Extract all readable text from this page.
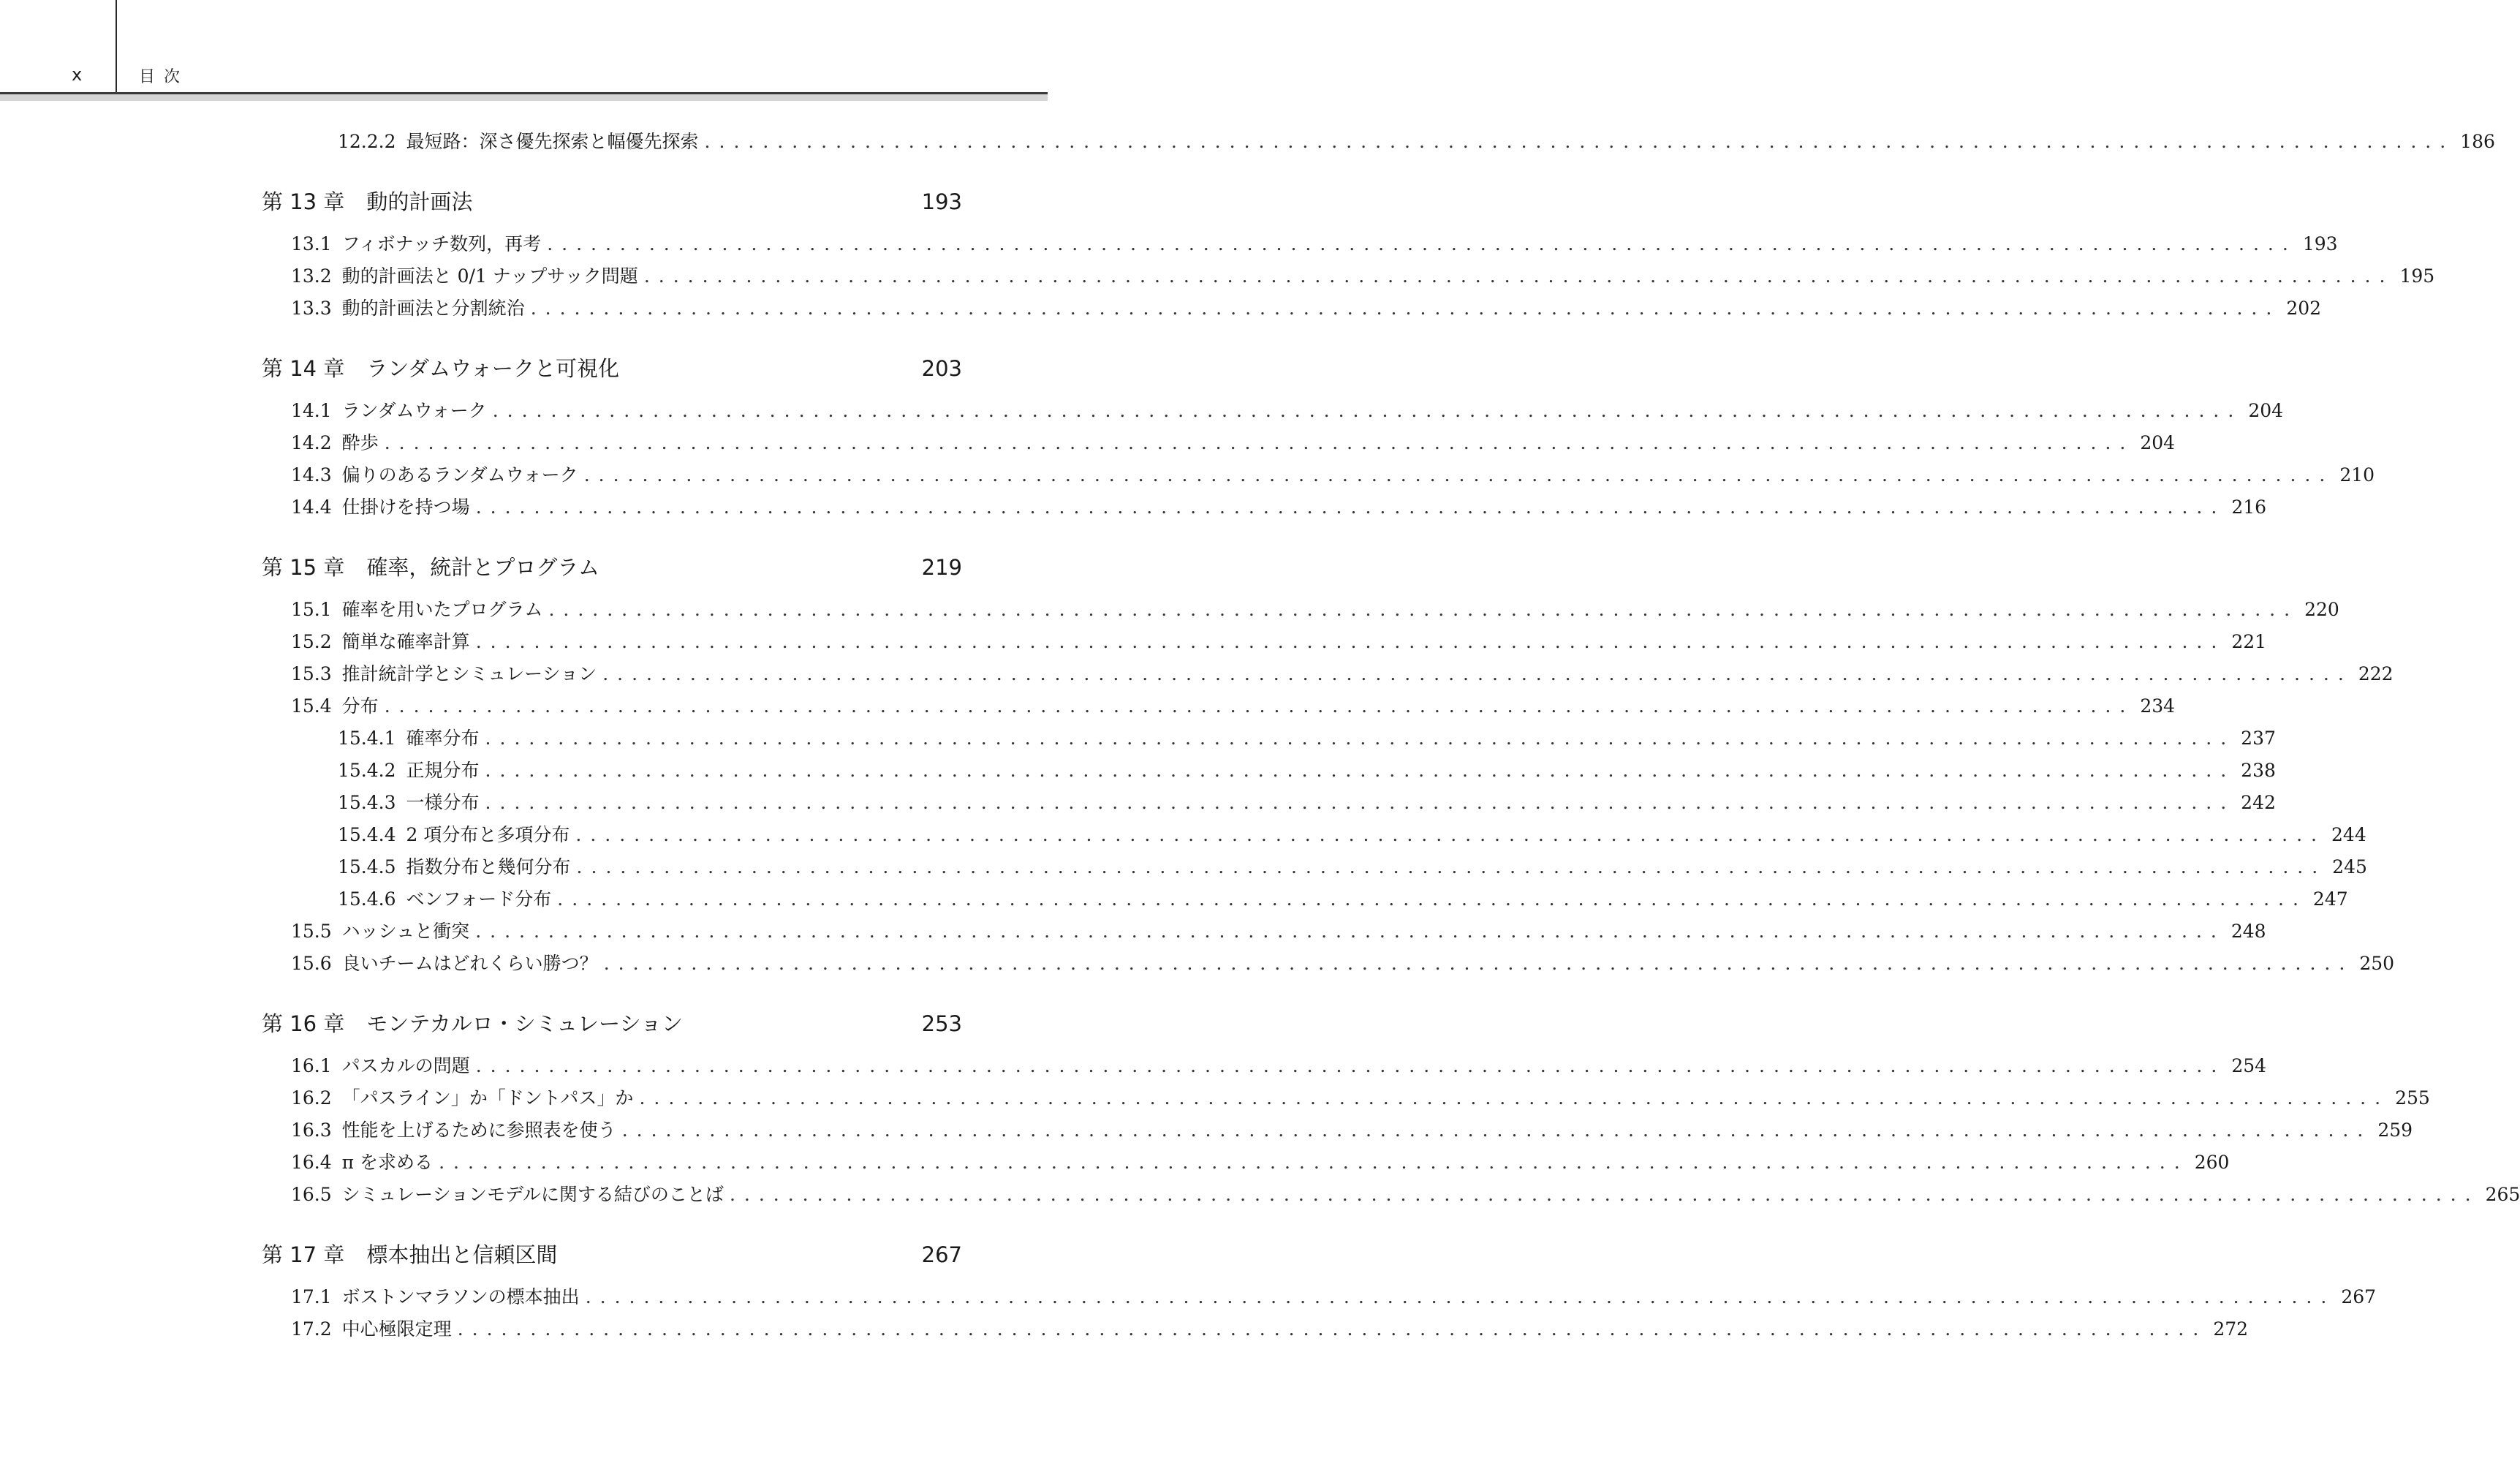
x	目次
12.2.2 最短路：深さ優先探索と幅優先探索 ........................................................................................................................ 186
第 13 章	動的計画法	193
13.1 フィボナッチ数列，再考 ........................................................................................................................ 193
13.2 動的計画法と 0/1 ナップサック問題 ........................................................................................................................ 195
13.3 動的計画法と分割統治 ........................................................................................................................ 202
第 14 章	ランダムウォークと可視化	203
14.1 ランダムウォーク ........................................................................................................................ 204
14.2 酔歩 ........................................................................................................................ 204
14.3 偏りのあるランダムウォーク ........................................................................................................................ 210
14.4 仕掛けを持つ場 ........................................................................................................................ 216
第 15 章	確率，統計とプログラム	219
15.1 確率を用いたプログラム ........................................................................................................................ 220
15.2 簡単な確率計算 ........................................................................................................................ 221
15.3 推計統計学とシミュレーション ........................................................................................................................ 222
15.4 分布 ........................................................................................................................ 234
15.4.1 確率分布 ........................................................................................................................ 237
15.4.2 正規分布 ........................................................................................................................ 238
15.4.3 一様分布 ........................................................................................................................ 242
15.4.4 2 項分布と多項分布 ........................................................................................................................ 244
15.4.5 指数分布と幾何分布 ........................................................................................................................ 245
15.4.6 ベンフォード分布 ........................................................................................................................ 247
15.5 ハッシュと衝突 ........................................................................................................................ 248
15.6 良いチームはどれくらい勝つ？ ........................................................................................................................ 250
第 16 章	モンテカルロ・シミュレーション	253
16.1 パスカルの問題 ........................................................................................................................ 254
16.2 「パスライン」か「ドントパス」か ........................................................................................................................ 255
16.3 性能を上げるために参照表を使う ........................................................................................................................ 259
16.4 π を求める ........................................................................................................................ 260
16.5 シミュレーションモデルに関する結びのことば ........................................................................................................................ 265
第 17 章	標本抽出と信頼区間	267
17.1 ボストンマラソンの標本抽出 ........................................................................................................................ 267
17.2 中心極限定理 ........................................................................................................................ 272
